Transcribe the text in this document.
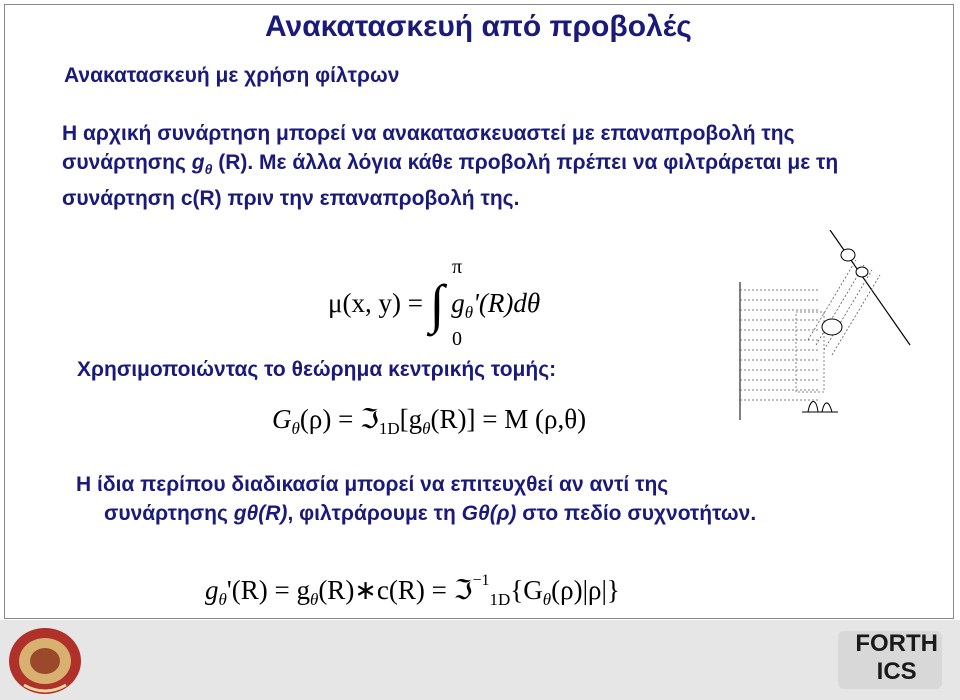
Ανακατασκευή από προβολές
Ανακατασκευή με χρήση φίλτρων
Η αρχική συνάρτηση μπορεί να ανακατασκευαστεί με επαναπροβολή της συνάρτησης $g_\theta$ (R). Με άλλα λόγια κάθε προβολή πρέπει να φιλτράρεται με τη συνάρτηση c(R) πριν την επαναπροβολή της.
μ(x, y) = ∫ $g_\theta'(R)d\theta$
π
0
Χρησιμοποιώντας το θεώρημα κεντρικής τομής:
$G_\theta(\rho)$ = $ℑ_{1D}[g_\theta(R)] = M$ (ρ,θ)
Η ίδια περίπου διαδικασία μπορεί να επιτευχθεί αν αντί της
συνάρτησης gθ(R), φιλτράρουμε τη Gθ(ρ) στο πεδίο συχνοτήτων.
$g_\theta'(R)$ = $g_\theta(R)∗c(R)$ = $ℑ^{-1}_{1D}\{G_\theta(\rho)|\rho|\}$
FORTH
ICS
